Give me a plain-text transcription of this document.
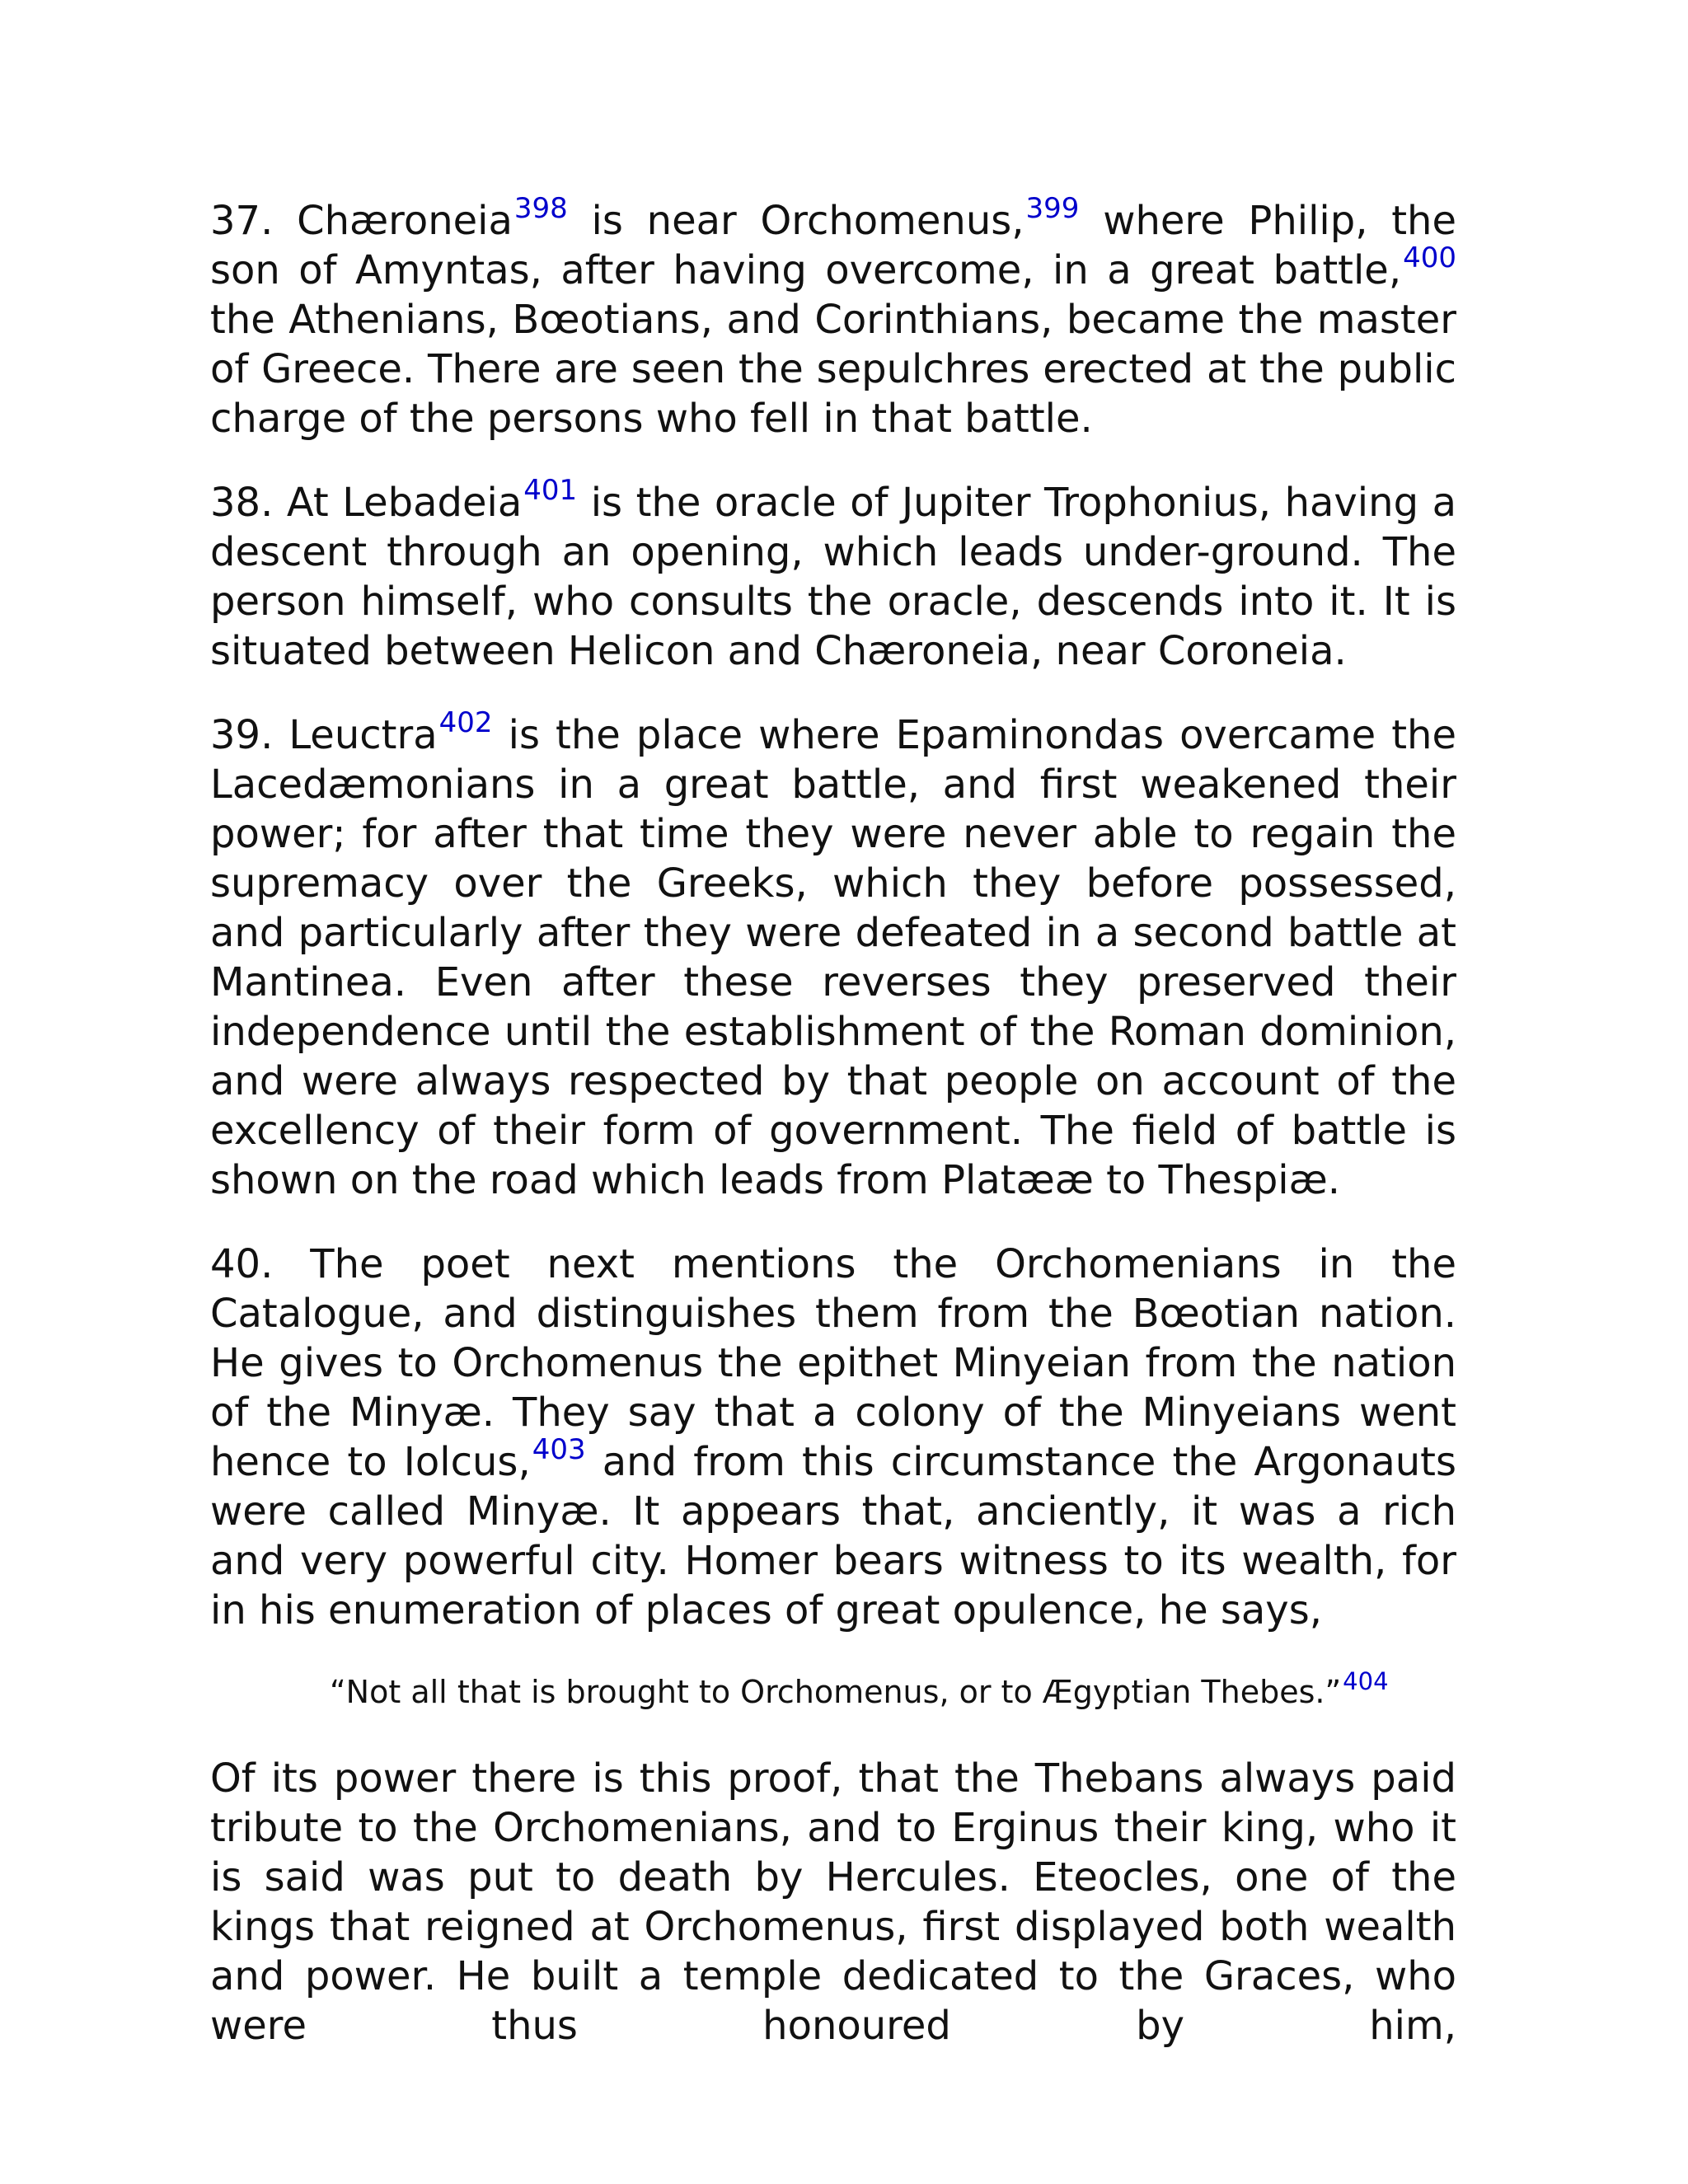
37. Chæroneia$^{398}$ is near Orchomenus,$^{399}$ where Philip, the son of Amyntas, after having overcome, in a great battle,$^{400}$ the Athenians, Bœotians, and Corinthians, became the master of Greece. There are seen the sepulchres erected at the public charge of the persons who fell in that battle.

38. At Lebadeia$^{401}$ is the oracle of Jupiter Trophonius, having a descent through an opening, which leads under-ground. The person himself, who consults the oracle, descends into it. It is situated between Helicon and Chæroneia, near Coroneia.

39. Leuctra$^{402}$ is the place where Epaminondas overcame the Lacedæmonians in a great battle, and first weakened their power; for after that time they were never able to regain the supremacy over the Greeks, which they before possessed, and particularly after they were defeated in a second battle at Mantinea. Even after these reverses they preserved their independence until the establishment of the Roman dominion, and were always respected by that people on account of the excellency of their form of government. The field of battle is shown on the road which leads from Platææ to Thespiæ.

40. The poet next mentions the Orchomenians in the Catalogue, and distinguishes them from the Bœotian nation. He gives to Orchomenus the epithet Minyeian from the nation of the Minyæ. They say that a colony of the Minyeians went hence to Iolcus,$^{403}$ and from this circumstance the Argonauts were called Minyæ. It appears that, anciently, it was a rich and very powerful city. Homer bears witness to its wealth, for in his enumeration of places of great opulence, he says,

“Not all that is brought to Orchomenus, or to Ægyptian Thebes.”$^{404}$

Of its power there is this proof, that the Thebans always paid tribute to the Orchomenians, and to Erginus their king, who it is said was put to death by Hercules. Eteocles, one of the kings that reigned at Orchomenus, first displayed both wealth and power. He built a temple dedicated to the Graces, who were thus honoured by him,
